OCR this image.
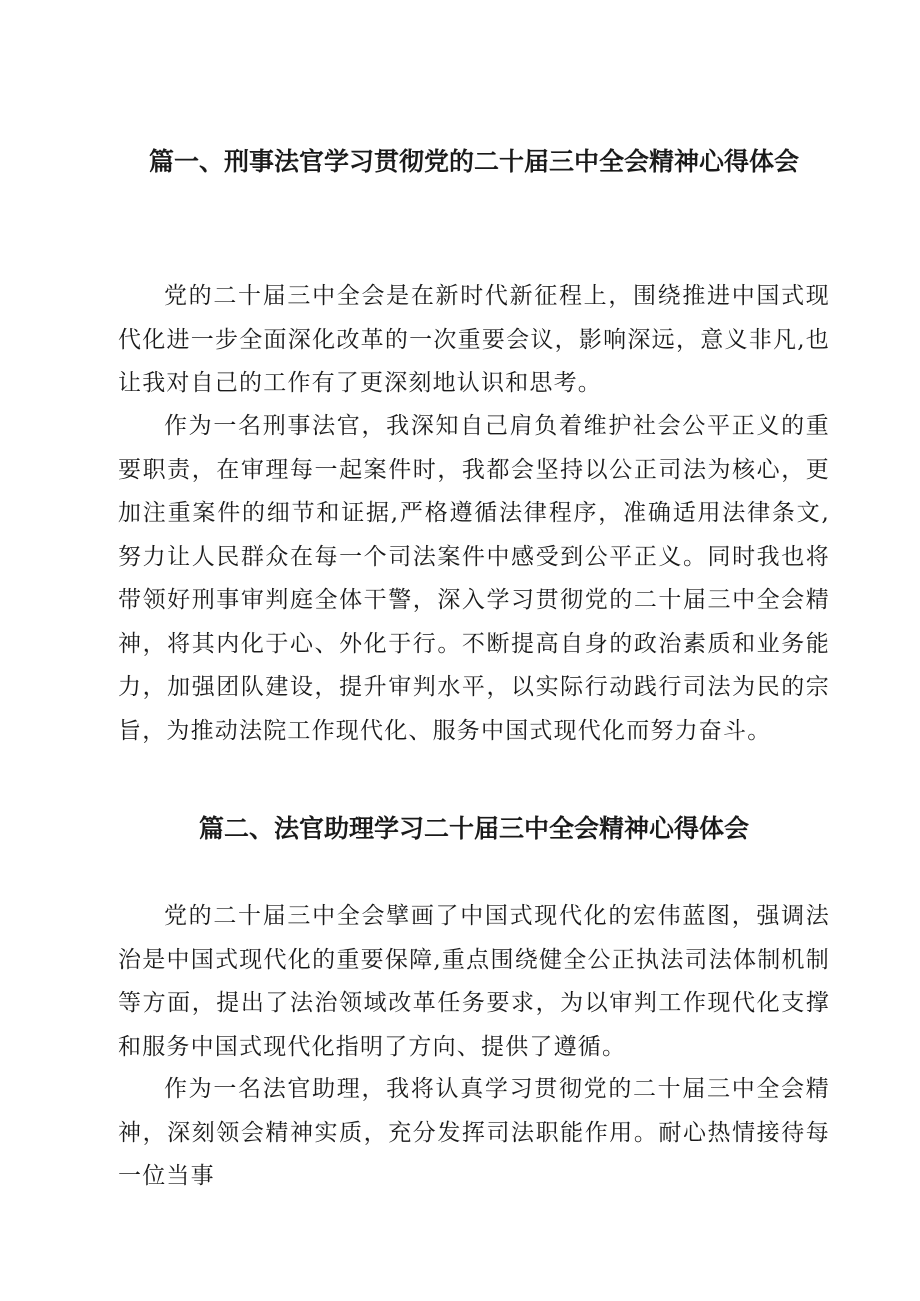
篇一、刑事法官学习贯彻党的二十届三中全会精神心得体会

党的二十届三中全会是在新时代新征程上，围绕推进中国式现代化进一步全面深化改革的一次重要会议，影响深远，意义非凡,也让我对自己的工作有了更深刻地认识和思考。

作为一名刑事法官，我深知自己肩负着维护社会公平正义的重要职责，在审理每一起案件时，我都会坚持以公正司法为核心，更加注重案件的细节和证据,严格遵循法律程序，准确适用法律条文,努力让人民群众在每一个司法案件中感受到公平正义。同时我也将带领好刑事审判庭全体干警，深入学习贯彻党的二十届三中全会精神，将其内化于心、外化于行。不断提高自身的政治素质和业务能力，加强团队建设，提升审判水平，以实际行动践行司法为民的宗旨，为推动法院工作现代化、服务中国式现代化而努力奋斗。

篇二、法官助理学习二十届三中全会精神心得体会

党的二十届三中全会擘画了中国式现代化的宏伟蓝图，强调法治是中国式现代化的重要保障,重点围绕健全公正执法司法体制机制等方面，提出了法治领域改革任务要求，为以审判工作现代化支撑和服务中国式现代化指明了方向、提供了遵循。

作为一名法官助理，我将认真学习贯彻党的二十届三中全会精神，深刻领会精神实质，充分发挥司法职能作用。耐心热情接待每一位当事
